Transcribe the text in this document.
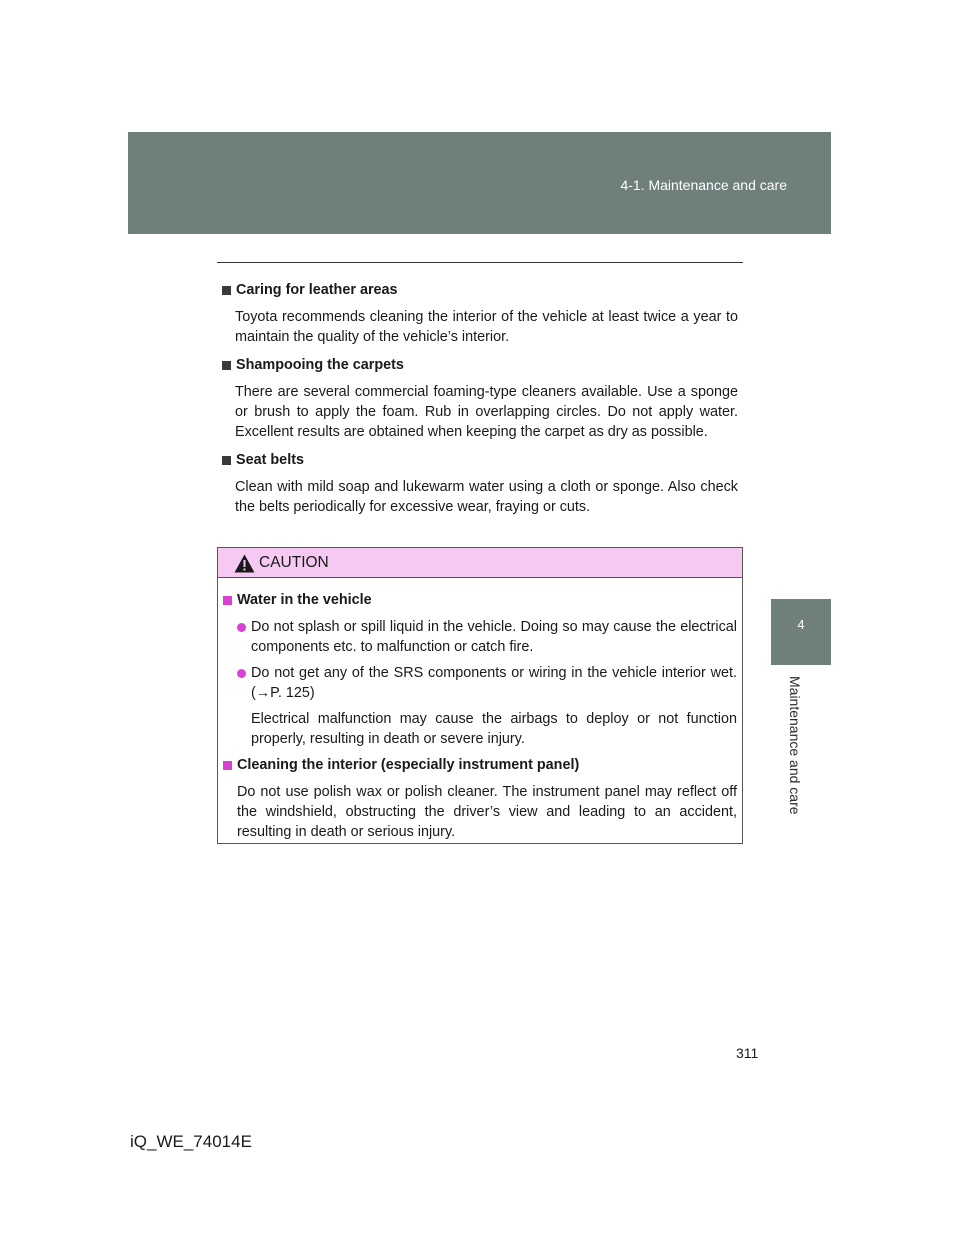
4-1. Maintenance and care
4
Maintenance and care
Caring for leather areas

Toyota recommends cleaning the interior of the vehicle at least twice a year to maintain the quality of the vehicle’s interior.

Shampooing the carpets

There are several commercial foaming-type cleaners available. Use a sponge or brush to apply the foam. Rub in overlapping circles. Do not apply water. Excellent results are obtained when keeping the carpet as dry as possible.

Seat belts

Clean with mild soap and lukewarm water using a cloth or sponge. Also check the belts periodically for excessive wear, fraying or cuts.

CAUTION
Water in the vehicle
Do not splash or spill liquid in the vehicle. Doing so may cause the electrical components etc. to malfunction or catch fire.
Do not get any of the SRS components or wiring in the vehicle interior wet. (→P. 125)

Electrical malfunction may cause the airbags to deploy or not function properly, resulting in death or severe injury.

Cleaning the interior (especially instrument panel)

Do not use polish wax or polish cleaner. The instrument panel may reflect off the windshield, obstructing the driver’s view and leading to an accident, resulting in death or serious injury.

311
iQ_WE_74014E
